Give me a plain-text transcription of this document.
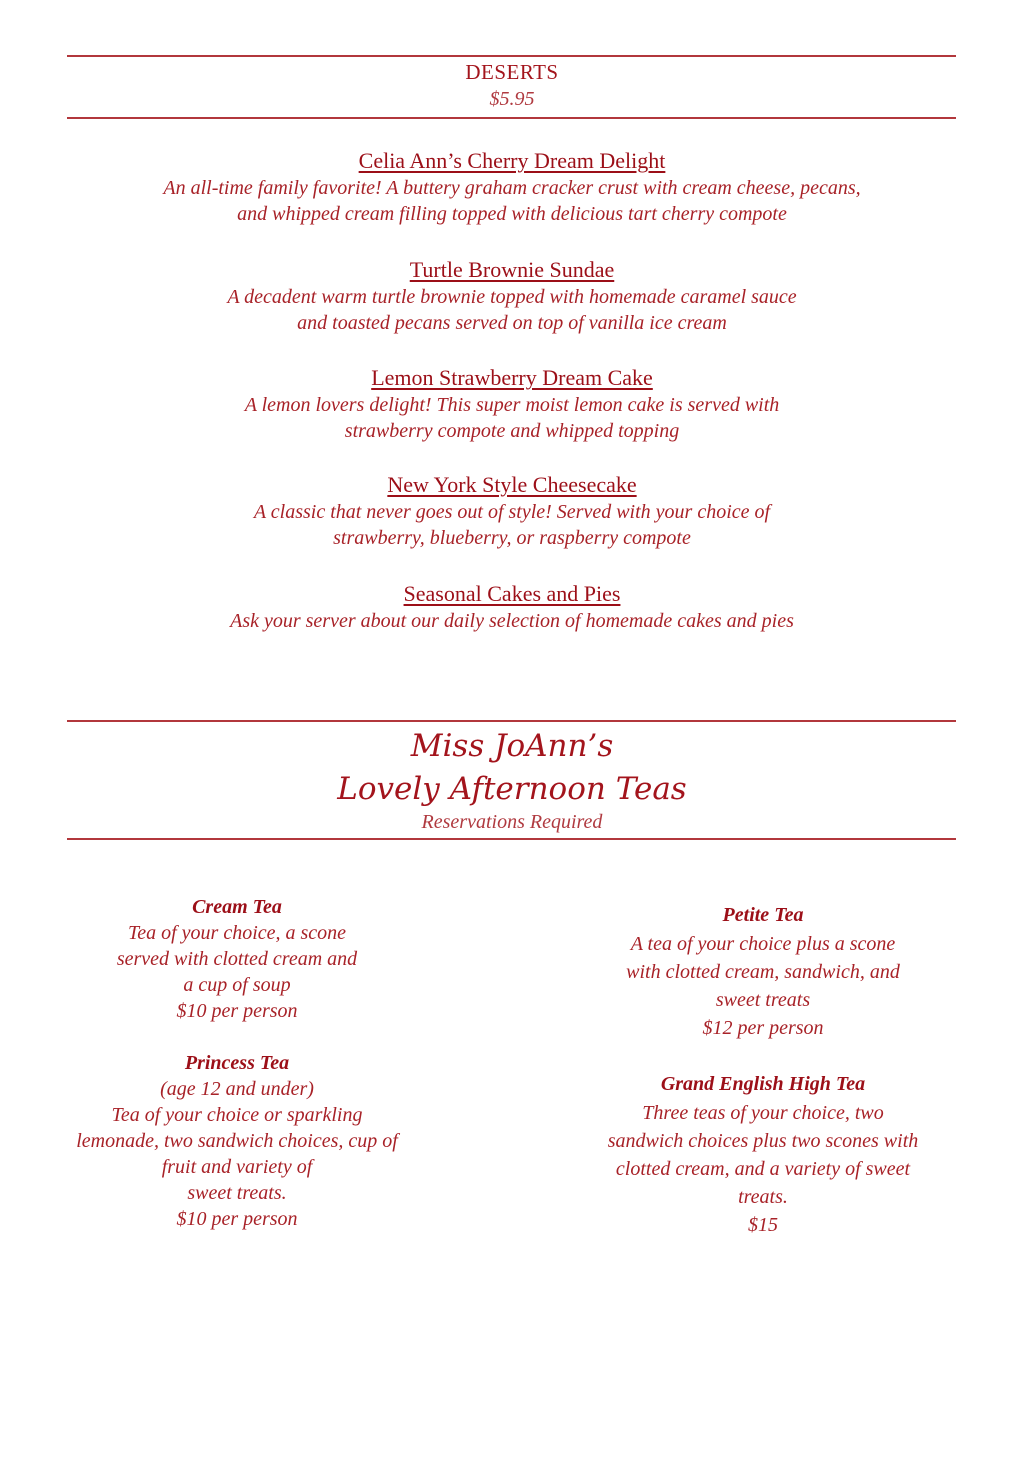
DESERTS
$5.95
Celia Ann’s Cherry Dream Delight
An all-time family favorite! A buttery graham cracker crust with cream cheese, pecans,
and whipped cream filling topped with delicious tart cherry compote
Turtle Brownie Sundae
A decadent warm turtle brownie topped with homemade caramel sauce
and toasted pecans served on top of vanilla ice cream
Lemon Strawberry Dream Cake
A lemon lovers delight! This super moist lemon cake is served with
strawberry compote and whipped topping
New York Style Cheesecake
A classic that never goes out of style! Served with your choice of
strawberry, blueberry, or raspberry compote
Seasonal Cakes and Pies
Ask your server about our daily selection of homemade cakes and pies
Miss JoAnn’s
Lovely Afternoon Teas
Reservations Required
Cream Tea
Tea of your choice, a scone
served with clotted cream and
a cup of soup
$10 per person
Princess Tea
(age 12 and under)
Tea of your choice or sparkling
lemonade, two sandwich choices, cup of
fruit and variety of
sweet treats.
$10 per person
Petite Tea
A tea of your choice plus a scone
with clotted cream, sandwich, and
sweet treats
$12 per person
Grand English High Tea
Three teas of your choice, two
sandwich choices plus two scones with
clotted cream, and a variety of sweet
treats.
$15
